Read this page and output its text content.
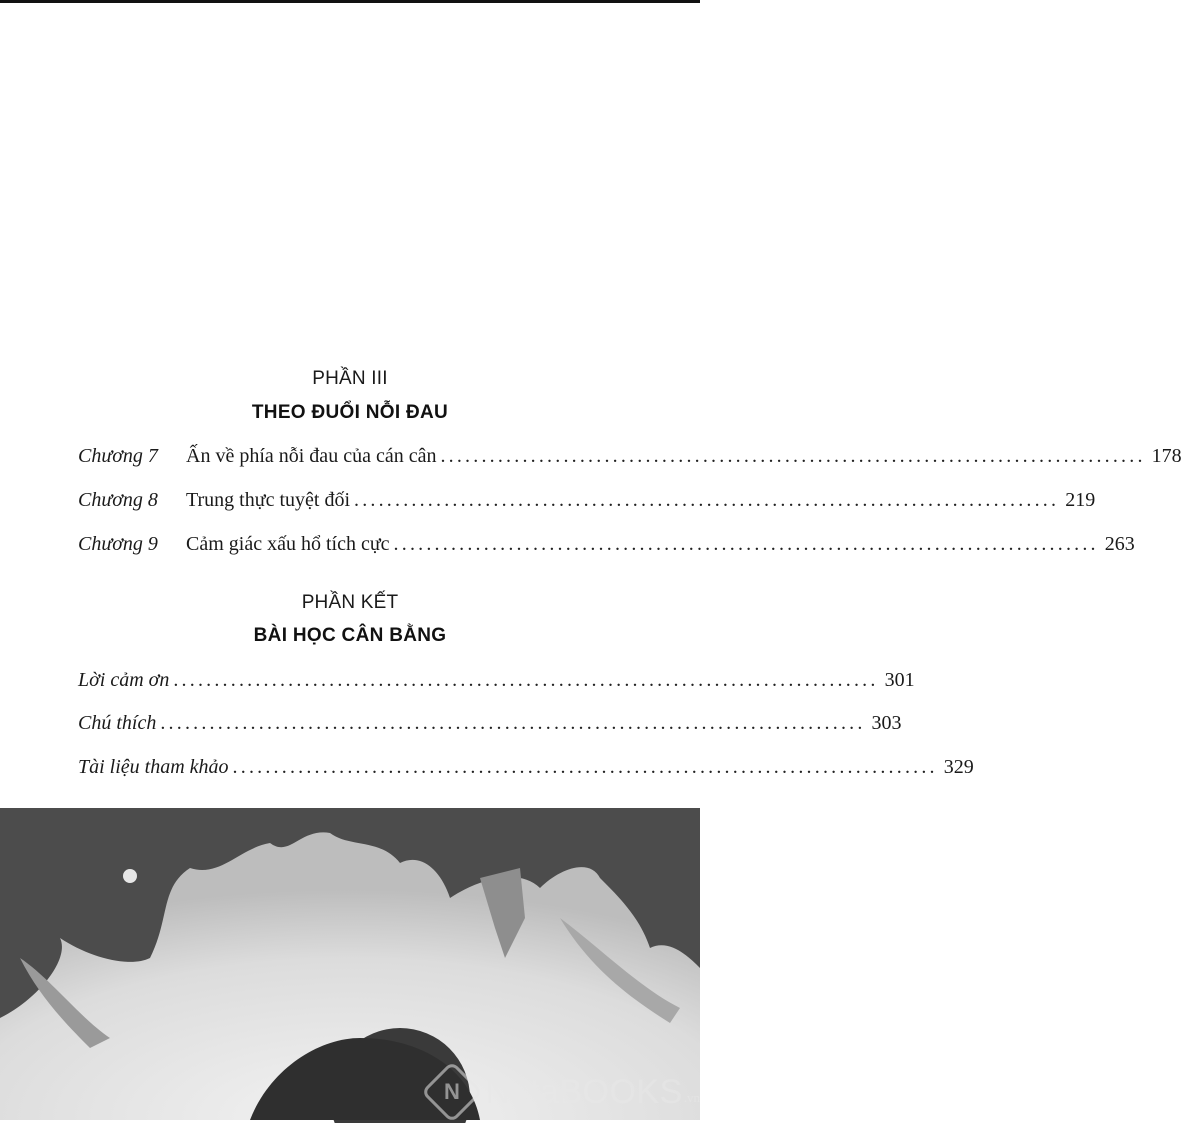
PHẦN III
THEO ĐUỔI NỖI ĐAU
Chương 7	Ấn về phía nỗi đau của cán cân ...................................................................................... 178
Chương 8	Trung thực tuyệt đối ...................................................................................... 219
Chương 9	Cảm giác xấu hổ tích cực ...................................................................................... 263
PHẦN KẾT
BÀI HỌC CÂN BẰNG
Lời cảm ơn ...................................................................................... 301
Chú thích ...................................................................................... 303
Tài liệu tham khảo ...................................................................................... 329
N NetaBOOKS .vn
